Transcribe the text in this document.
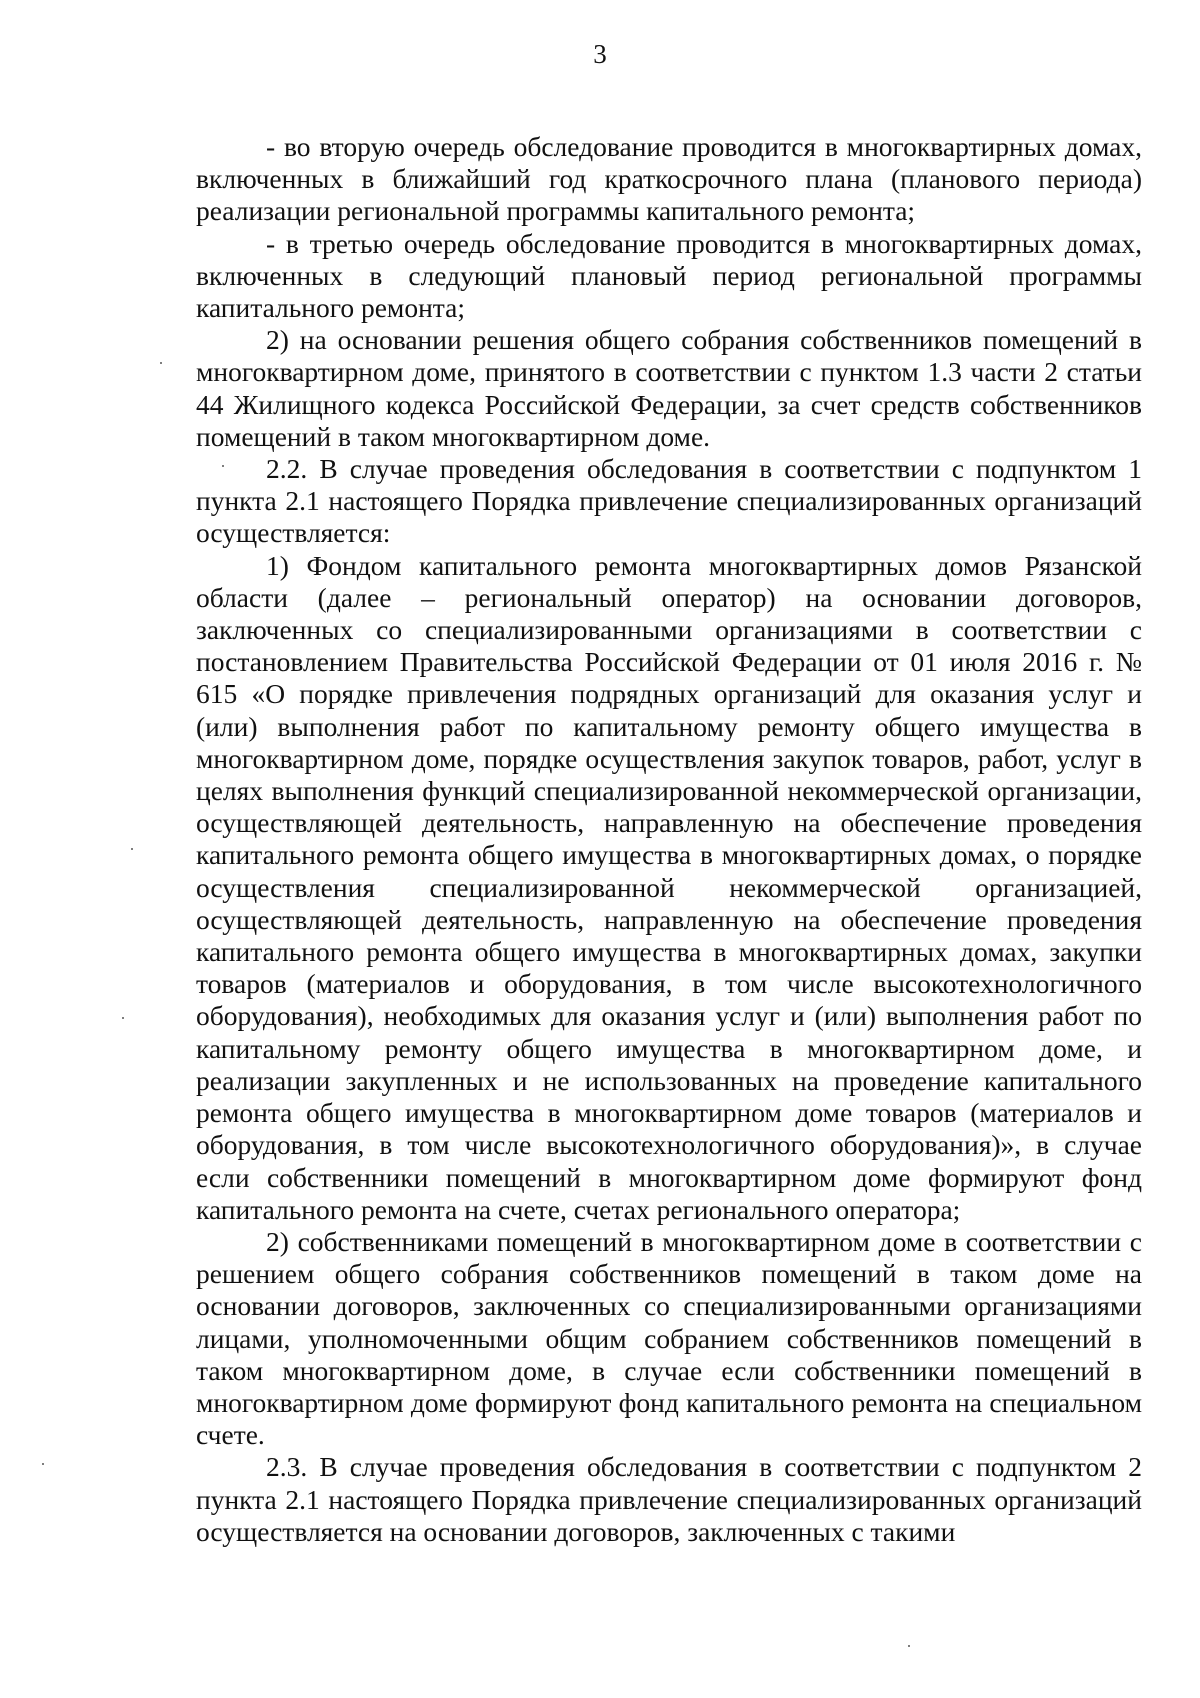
3

- во вторую очередь обследование проводится в многоквартирных домах, включенных в ближайший год краткосрочного плана (планового периода) реализации региональной программы капитального ремонта;

- в третью очередь обследование проводится в многоквартирных домах, включенных в следующий плановый период региональной программы капитального ремонта;

2) на основании решения общего собрания собственников помещений в многоквартирном доме, принятого в соответствии с пунктом 1.3 части 2 статьи 44 Жилищного кодекса Российской Федерации, за счет средств собственников помещений в таком многоквартирном доме.

2.2. В случае проведения обследования в соответствии с подпунктом 1 пункта 2.1 настоящего Порядка привлечение специализированных организаций осуществляется:

1) Фондом капитального ремонта многоквартирных домов Рязанской области (далее – региональный оператор) на основании договоров, заключенных со специализированными организациями в соответствии с постановлением Правительства Российской Федерации от 01 июля 2016 г. № 615 «О порядке привлечения подрядных организаций для оказания услуг и (или) выполнения работ по капитальному ремонту общего имущества в многоквартирном доме, порядке осуществления закупок товаров, работ, услуг в целях выполнения функций специализированной некоммерческой организации, осуществляющей деятельность, направленную на обеспечение проведения капитального ремонта общего имущества в многоквартирных домах, о порядке осуществления специализированной некоммерческой организацией, осуществляющей деятельность, направленную на обеспечение проведения капитального ремонта общего имущества в многоквартирных домах, закупки товаров (материалов и оборудования, в том числе высокотехнологичного оборудования), необходимых для оказания услуг и (или) выполнения работ по капитальному ремонту общего имущества в многоквартирном доме, и реализации закупленных и не использованных на проведение капитального ремонта общего имущества в многоквартирном доме товаров (материалов и оборудования, в том числе высокотехнологичного оборудования)», в случае если собственники помещений в многоквартирном доме формируют фонд капитального ремонта на счете, счетах регионального оператора;

2) собственниками помещений в многоквартирном доме в соответствии с решением общего собрания собственников помещений в таком доме на основании договоров, заключенных со специализированными организациями лицами, уполномоченными общим собранием собственников помещений в таком многоквартирном доме, в случае если собственники помещений в многоквартирном доме формируют фонд капитального ремонта на специальном счете.

2.3. В случае проведения обследования в соответствии с подпунктом 2 пункта 2.1 настоящего Порядка привлечение специализированных организаций осуществляется на основании договоров, заключенных с такими
